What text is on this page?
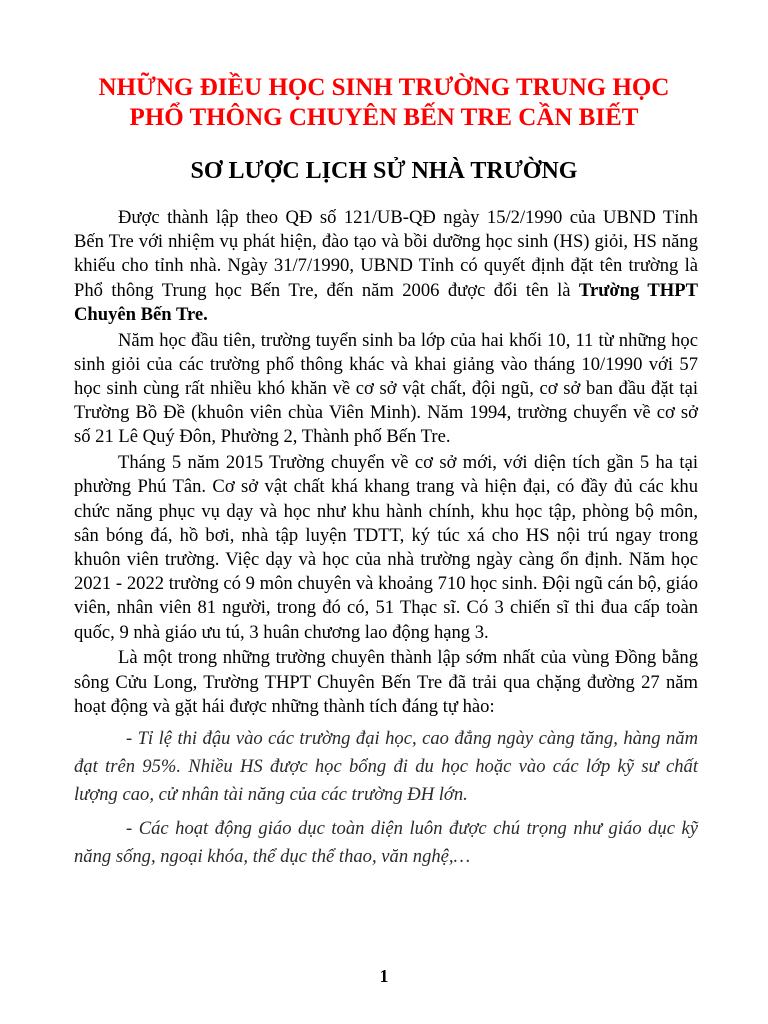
NHỮNG ĐIỀU HỌC SINH TRƯỜNG TRUNG HỌC
PHỔ THÔNG CHUYÊN BẾN TRE CẦN BIẾT
SƠ LƯỢC LỊCH SỬ NHÀ TRƯỜNG

Được thành lập theo QĐ số 121/UB-QĐ ngày 15/2/1990 của UBND Tỉnh Bến Tre với nhiệm vụ phát hiện, đào tạo và bồi dưỡng học sinh (HS) giỏi, HS năng khiếu cho tỉnh nhà. Ngày 31/7/1990, UBND Tỉnh có quyết định đặt tên trường là Phổ thông Trung học Bến Tre, đến năm 2006 được đổi tên là Trường THPT Chuyên Bến Tre.

Năm học đầu tiên, trường tuyển sinh ba lớp của hai khối 10, 11 từ những học sinh giỏi của các trường phổ thông khác và khai giảng vào tháng 10/1990 với 57 học sinh cùng rất nhiều khó khăn về cơ sở vật chất, đội ngũ, cơ sở ban đầu đặt tại Trường Bồ Đề (khuôn viên chùa Viên Minh). Năm 1994, trường chuyển về cơ sở số 21 Lê Quý Đôn, Phường 2, Thành phố Bến Tre.

Tháng 5 năm 2015 Trường chuyển về cơ sở mới, với diện tích gần 5 ha tại phường Phú Tân. Cơ sở vật chất khá khang trang và hiện đại, có đầy đủ các khu chức năng phục vụ dạy và học như khu hành chính, khu học tập, phòng bộ môn, sân bóng đá, hồ bơi, nhà tập luyện TDTT, ký túc xá cho HS nội trú ngay trong khuôn viên trường. Việc dạy và học của nhà trường ngày càng ổn định. Năm học 2021 - 2022 trường có 9 môn chuyên và khoảng 710 học sinh. Đội ngũ cán bộ, giáo viên, nhân viên 81 người, trong đó có, 51 Thạc sĩ. Có 3 chiến sĩ thi đua cấp toàn quốc, 9 nhà giáo ưu tú, 3 huân chương lao động hạng 3.

Là một trong những trường chuyên thành lập sớm nhất của vùng Đồng bằng sông Cửu Long, Trường THPT Chuyên Bến Tre đã trải qua chặng đường 27 năm hoạt động và gặt hái được những thành tích đáng tự hào:

- Tỉ lệ thi đậu vào các trường đại học, cao đẳng ngày càng tăng, hàng năm đạt trên 95%. Nhiều HS được học bổng đi du học hoặc vào các lớp kỹ sư chất lượng cao, cử nhân tài năng của các trường ĐH lớn.

- Các hoạt động giáo dục toàn diện luôn được chú trọng như giáo dục kỹ năng sống, ngoại khóa, thể dục thể thao, văn nghệ,…

1
